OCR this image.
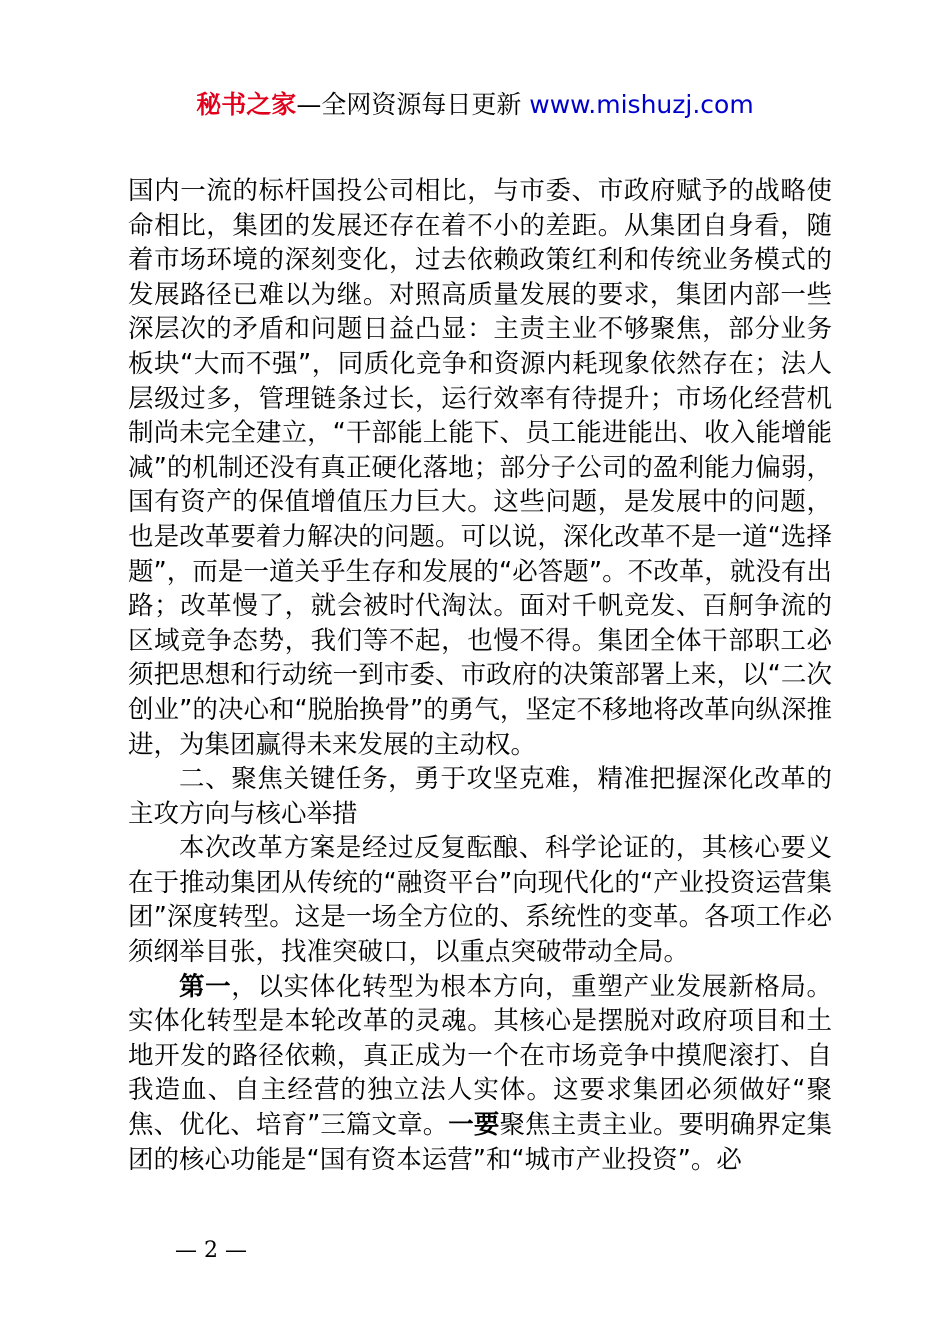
秘书之家—全网资源每日更新 www.mishuzj.com

国内一流的标杆国投公司相比，与市委、市政府赋予的战略使命相比，集团的发展还存在着不小的差距。从集团自身看，随着市场环境的深刻变化，过去依赖政策红利和传统业务模式的发展路径已难以为继。对照高质量发展的要求，集团内部一些深层次的矛盾和问题日益凸显：主责主业不够聚焦，部分业务板块“大而不强”，同质化竞争和资源内耗现象依然存在；法人层级过多，管理链条过长，运行效率有待提升；市场化经营机制尚未完全建立，“干部能上能下、员工能进能出、收入能增能减”的机制还没有真正硬化落地；部分子公司的盈利能力偏弱，国有资产的保值增值压力巨大。这些问题，是发展中的问题，也是改革要着力解决的问题。可以说，深化改革不是一道“选择题”，而是一道关乎生存和发展的“必答题”。不改革，就没有出路；改革慢了，就会被时代淘汰。面对千帆竞发、百舸争流的区域竞争态势，我们等不起，也慢不得。集团全体干部职工必须把思想和行动统一到市委、市政府的决策部署上来，以“二次创业”的决心和“脱胎换骨”的勇气，坚定不移地将改革向纵深推进，为集团赢得未来发展的主动权。

二、聚焦关键任务，勇于攻坚克难，精准把握深化改革的主攻方向与核心举措

本次改革方案是经过反复酝酿、科学论证的，其核心要义在于推动集团从传统的“融资平台”向现代化的“产业投资运营集团”深度转型。这是一场全方位的、系统性的变革。各项工作必须纲举目张，找准突破口，以重点突破带动全局。

第一，以实体化转型为根本方向，重塑产业发展新格局。实体化转型是本轮改革的灵魂。其核心是摆脱对政府项目和土地开发的路径依赖，真正成为一个在市场竞争中摸爬滚打、自我造血、自主经营的独立法人实体。这要求集团必须做好“聚焦、优化、培育”三篇文章。一要聚焦主责主业。要明确界定集团的核心功能是“国有资本运营”和“城市产业投资”。必

— 2 —
